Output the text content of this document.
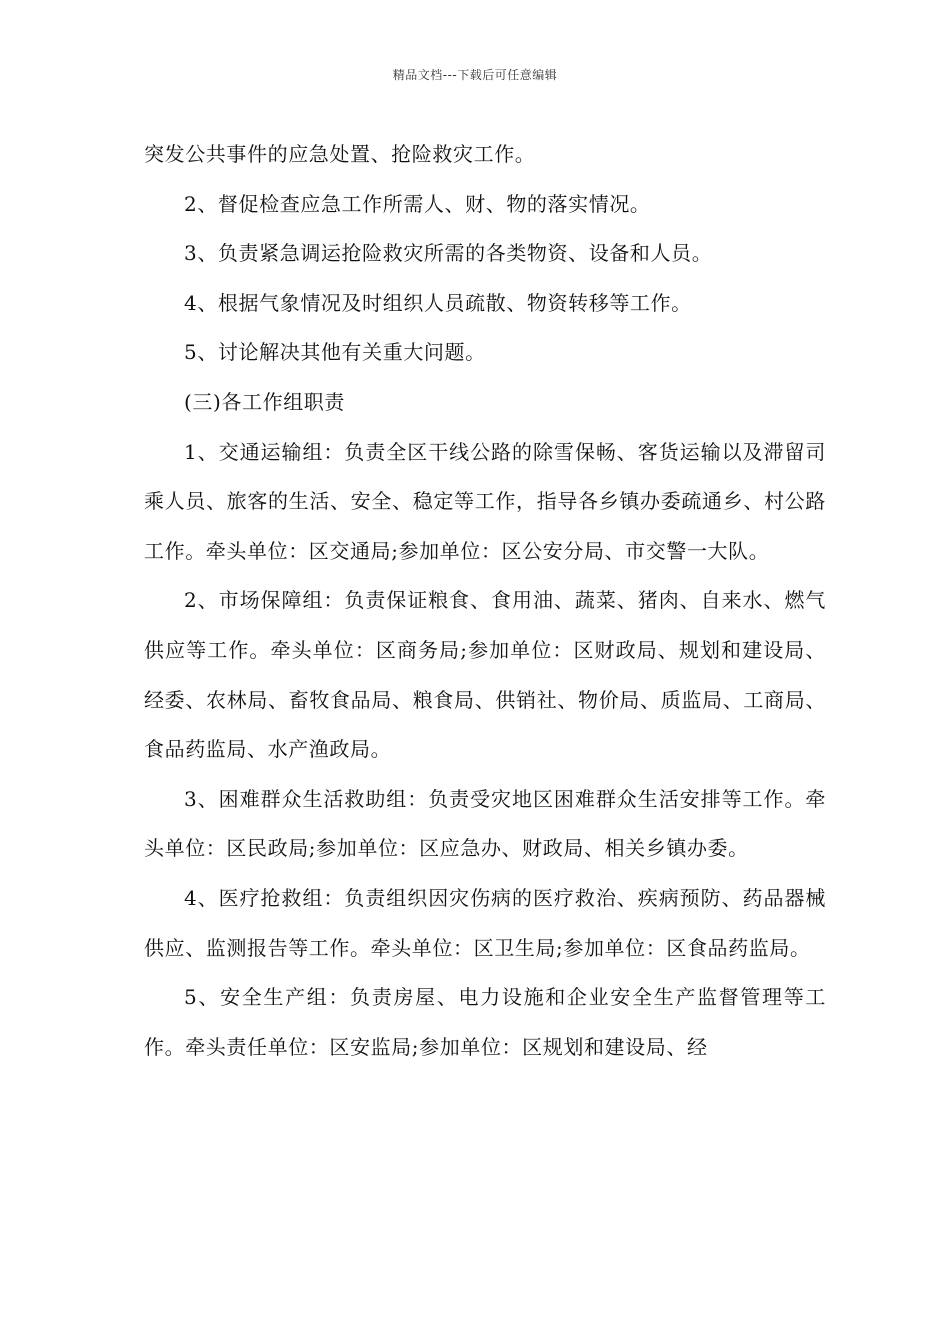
精品文档---下载后可任意编辑

突发公共事件的应急处置、抢险救灾工作。

2、督促检查应急工作所需人、财、物的落实情况。

3、负责紧急调运抢险救灾所需的各类物资、设备和人员。

4、根据气象情况及时组织人员疏散、物资转移等工作。

5、讨论解决其他有关重大问题。

(三)各工作组职责

1、交通运输组：负责全区干线公路的除雪保畅、客货运输以及滞留司乘人员、旅客的生活、安全、稳定等工作，指导各乡镇办委疏通乡、村公路工作。牵头单位：区交通局;参加单位：区公安分局、市交警一大队。

2、市场保障组：负责保证粮食、食用油、蔬菜、猪肉、自来水、燃气供应等工作。牵头单位：区商务局;参加单位：区财政局、规划和建设局、经委、农林局、畜牧食品局、粮食局、供销社、物价局、质监局、工商局、食品药监局、水产渔政局。

3、困难群众生活救助组：负责受灾地区困难群众生活安排等工作。牵头单位：区民政局;参加单位：区应急办、财政局、相关乡镇办委。

4、医疗抢救组：负责组织因灾伤病的医疗救治、疾病预防、药品器械供应、监测报告等工作。牵头单位：区卫生局;参加单位：区食品药监局。

5、安全生产组：负责房屋、电力设施和企业安全生产监督管理等工作。牵头责任单位：区安监局;参加单位：区规划和建设局、经
